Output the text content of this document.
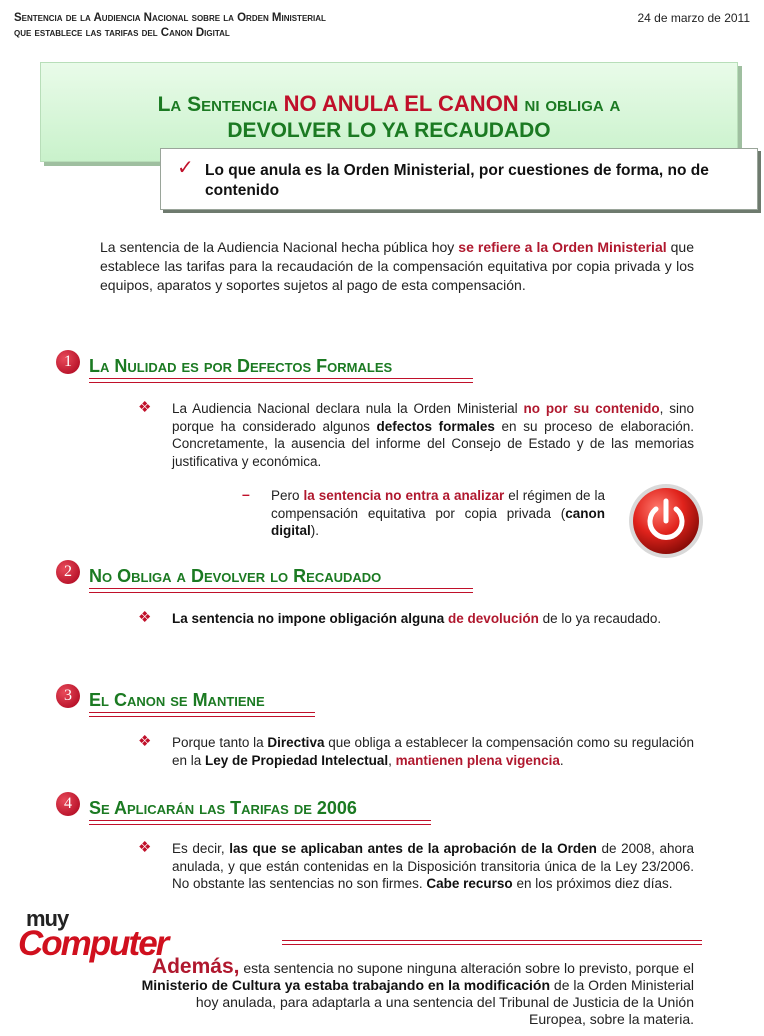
Sentencia de la Audiencia Nacional sobre la Orden Ministerial
que establece las tarifas del Canon Digital
24 de marzo de 2011
La Sentencia NO ANULA EL CANON ni obliga a
DEVOLVER LO YA RECAUDADO
✓ Lo que anula es la Orden Ministerial, por cuestiones de forma, no de contenido
La sentencia de la Audiencia Nacional hecha pública hoy se refiere a la Orden Ministerial que establece las tarifas para la recaudación de la compensación equitativa por copia privada y los equipos, aparatos y soportes sujetos al pago de esta compensación.
1 La Nulidad es por Defectos Formales
❖ La Audiencia Nacional declara nula la Orden Ministerial no por su contenido, sino porque ha considerado algunos defectos formales en su proceso de elaboración. Concretamente, la ausencia del informe del Consejo de Estado y de las memorias justificativa y económica.
– Pero la sentencia no entra a analizar el régimen de la compensación equitativa por copia privada (canon digital).
2 No Obliga a Devolver lo Recaudado
❖ La sentencia no impone obligación alguna de devolución de lo ya recaudado.
3 El Canon se Mantiene
❖ Porque tanto la Directiva que obliga a establecer la compensación como su regulación en la Ley de Propiedad Intelectual, mantienen plena vigencia.
4 Se Aplicarán las Tarifas de 2006
❖ Es decir, las que se aplicaban antes de la aprobación de la Orden de 2008, ahora anulada, y que están contenidas en la Disposición transitoria única de la Ley 23/2006. No obstante las sentencias no son firmes. Cabe recurso en los próximos diez días.
muy
Computer
Además, esta sentencia no supone ninguna alteración sobre lo previsto, porque el Ministerio de Cultura ya estaba trabajando en la modificación de la Orden Ministerial hoy anulada, para adaptarla a una sentencia del Tribunal de Justicia de la Unión Europea, sobre la materia.
